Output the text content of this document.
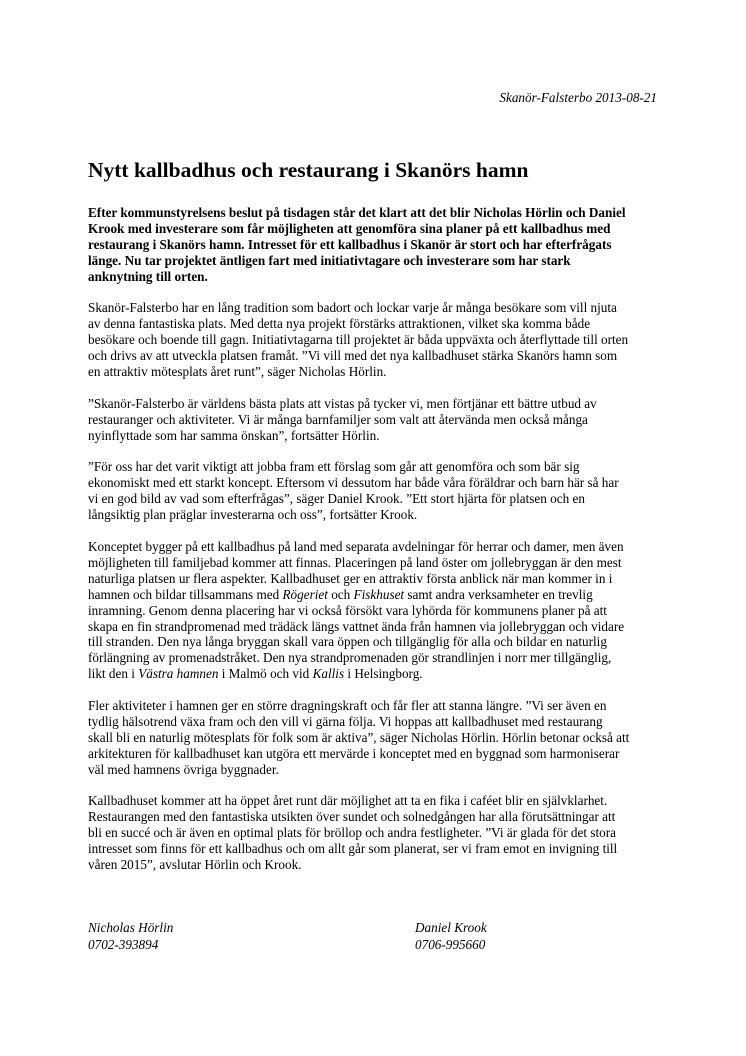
Skanör-Falsterbo 2013-08-21
Nytt kallbadhus och restaurang i Skanörs hamn

Efter kommunstyrelsens beslut på tisdagen står det klart att det blir Nicholas Hörlin och Daniel
Krook med investerare som får möjligheten att genomföra sina planer på ett kallbadhus med
restaurang i Skanörs hamn. Intresset för ett kallbadhus i Skanör är stort och har efterfrågats
länge. Nu tar projektet äntligen fart med initiativtagare och investerare som har stark
anknytning till orten.

Skanör-Falsterbo har en lång tradition som badort och lockar varje år många besökare som vill njuta
av denna fantastiska plats. Med detta nya projekt förstärks attraktionen, vilket ska komma både
besökare och boende till gagn. Initiativtagarna till projektet är båda uppväxta och återflyttade till orten
och drivs av att utveckla platsen framåt. ”Vi vill med det nya kallbadhuset stärka Skanörs hamn som
en attraktiv mötesplats året runt”, säger Nicholas Hörlin.

”Skanör-Falsterbo är världens bästa plats att vistas på tycker vi, men förtjänar ett bättre utbud av
restauranger och aktiviteter. Vi är många barnfamiljer som valt att återvända men också många
nyinflyttade som har samma önskan”, fortsätter Hörlin.

”För oss har det varit viktigt att jobba fram ett förslag som går att genomföra och som bär sig
ekonomiskt med ett starkt koncept. Eftersom vi dessutom har både våra föräldrar och barn här så har
vi en god bild av vad som efterfrågas”, säger Daniel Krook. ”Ett stort hjärta för platsen och en
långsiktig plan präglar investerarna och oss”, fortsätter Krook.

Konceptet bygger på ett kallbadhus på land med separata avdelningar för herrar och damer, men även
möjligheten till familjebad kommer att finnas. Placeringen på land öster om jollebryggan är den mest
naturliga platsen ur flera aspekter. Kallbadhuset ger en attraktiv första anblick när man kommer in i
hamnen och bildar tillsammans med Rögeriet och Fiskhuset samt andra verksamheter en trevlig
inramning. Genom denna placering har vi också försökt vara lyhörda för kommunens planer på att
skapa en fin strandpromenad med trädäck längs vattnet ända från hamnen via jollebryggan och vidare
till stranden. Den nya långa bryggan skall vara öppen och tillgänglig för alla och bildar en naturlig
förlängning av promenadstråket. Den nya strandpromenaden gör strandlinjen i norr mer tillgänglig,
likt den i Västra hamnen i Malmö och vid Kallis i Helsingborg.

Fler aktiviteter i hamnen ger en större dragningskraft och får fler att stanna längre. ”Vi ser även en
tydlig hälsotrend växa fram och den vill vi gärna följa. Vi hoppas att kallbadhuset med restaurang
skall bli en naturlig mötesplats för folk som är aktiva”, säger Nicholas Hörlin. Hörlin betonar också att
arkitekturen för kallbadhuset kan utgöra ett mervärde i konceptet med en byggnad som harmoniserar
väl med hamnens övriga byggnader.

Kallbadhuset kommer att ha öppet året runt där möjlighet att ta en fika i caféet blir en självklarhet.
Restaurangen med den fantastiska utsikten över sundet och solnedgången har alla förutsättningar att
bli en succé och är även en optimal plats för bröllop och andra festligheter. ”Vi är glada för det stora
intresset som finns för ett kallbadhus och om allt går som planerat, ser vi fram emot en invigning till
våren 2015”, avslutar Hörlin och Krook.

Nicholas Hörlin
0702-393894
Daniel Krook
0706-995660
